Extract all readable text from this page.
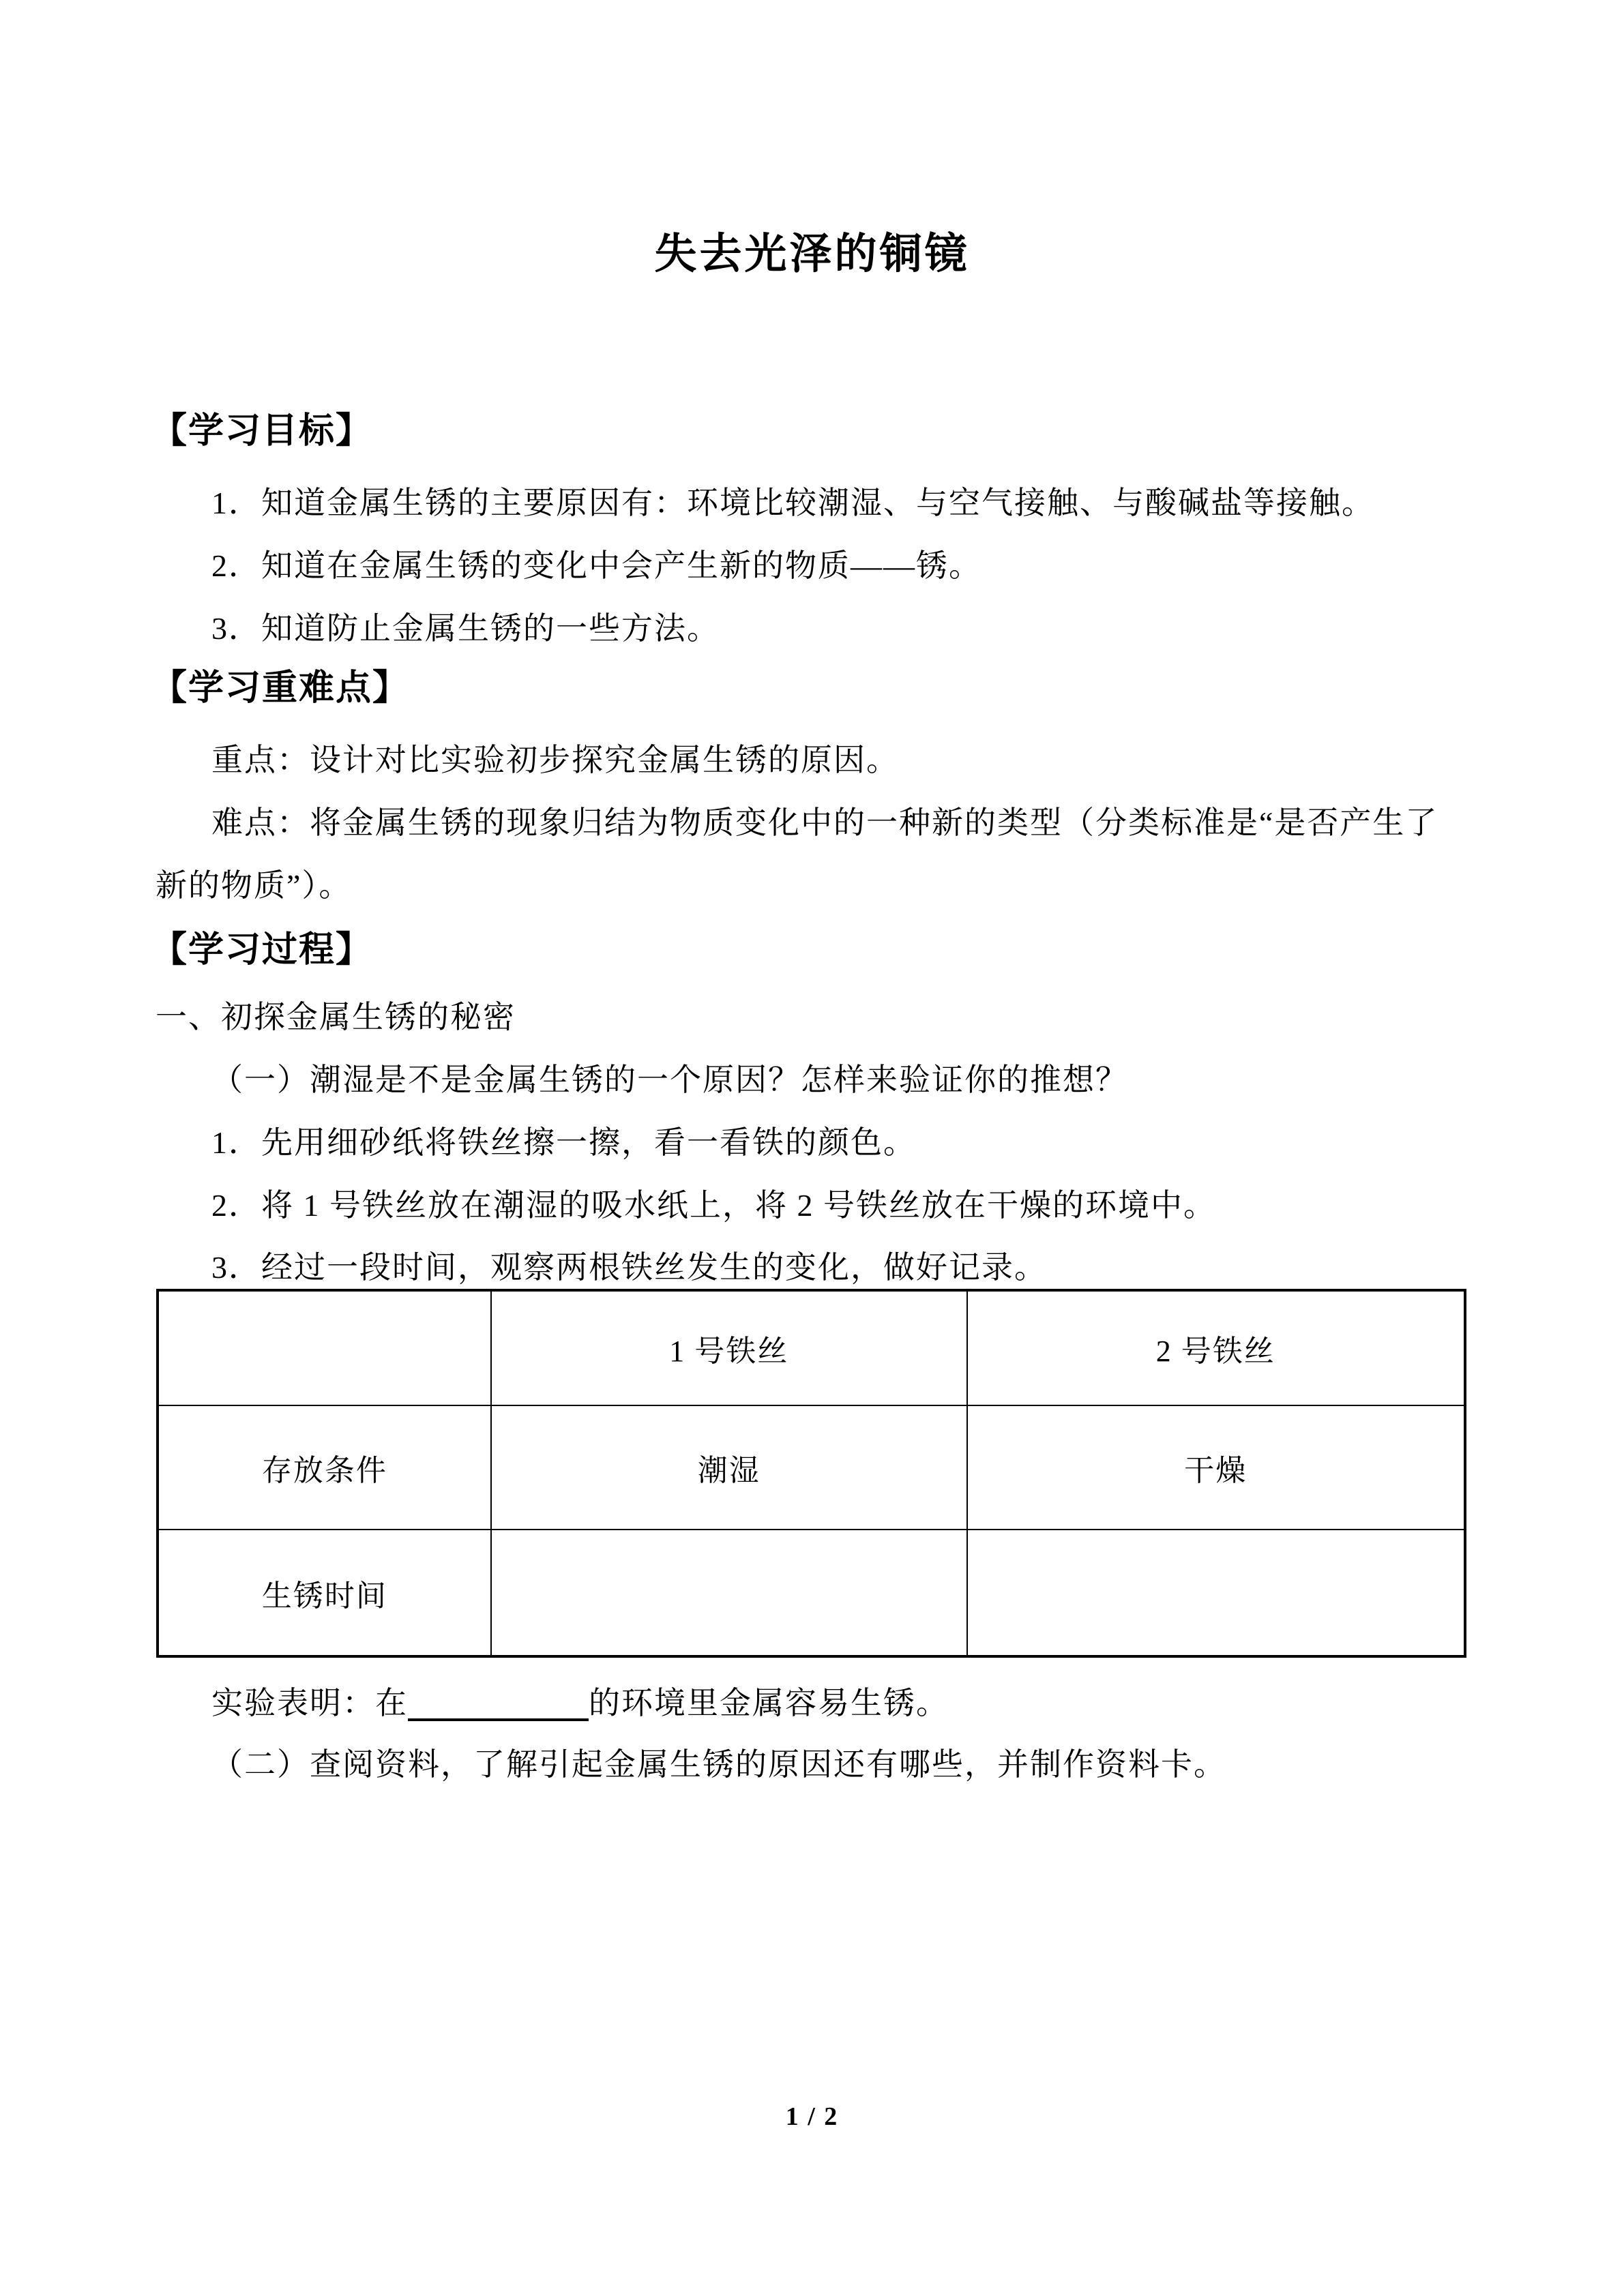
失去光泽的铜镜
【学习目标】
1．知道金属生锈的主要原因有：环境比较潮湿、与空气接触、与酸碱盐等接触。
2．知道在金属生锈的变化中会产生新的物质——锈。
3．知道防止金属生锈的一些方法。
【学习重难点】
重点：设计对比实验初步探究金属生锈的原因。
难点：将金属生锈的现象归结为物质变化中的一种新的类型（分类标准是“是否产生了
新的物质”）。
【学习过程】
一、初探金属生锈的秘密
（一）潮湿是不是金属生锈的一个原因？怎样来验证你的推想？
1．先用细砂纸将铁丝擦一擦，看一看铁的颜色。
2．将 1 号铁丝放在潮湿的吸水纸上，将 2 号铁丝放在干燥的环境中。
3．经过一段时间，观察两根铁丝发生的变化，做好记录。
	1 号铁丝	2 号铁丝
存放条件	潮湿	干燥
生锈时间		
实验表明：在	的环境里金属容易生锈。
（二）查阅资料，了解引起金属生锈的原因还有哪些，并制作资料卡。
1 / 2
